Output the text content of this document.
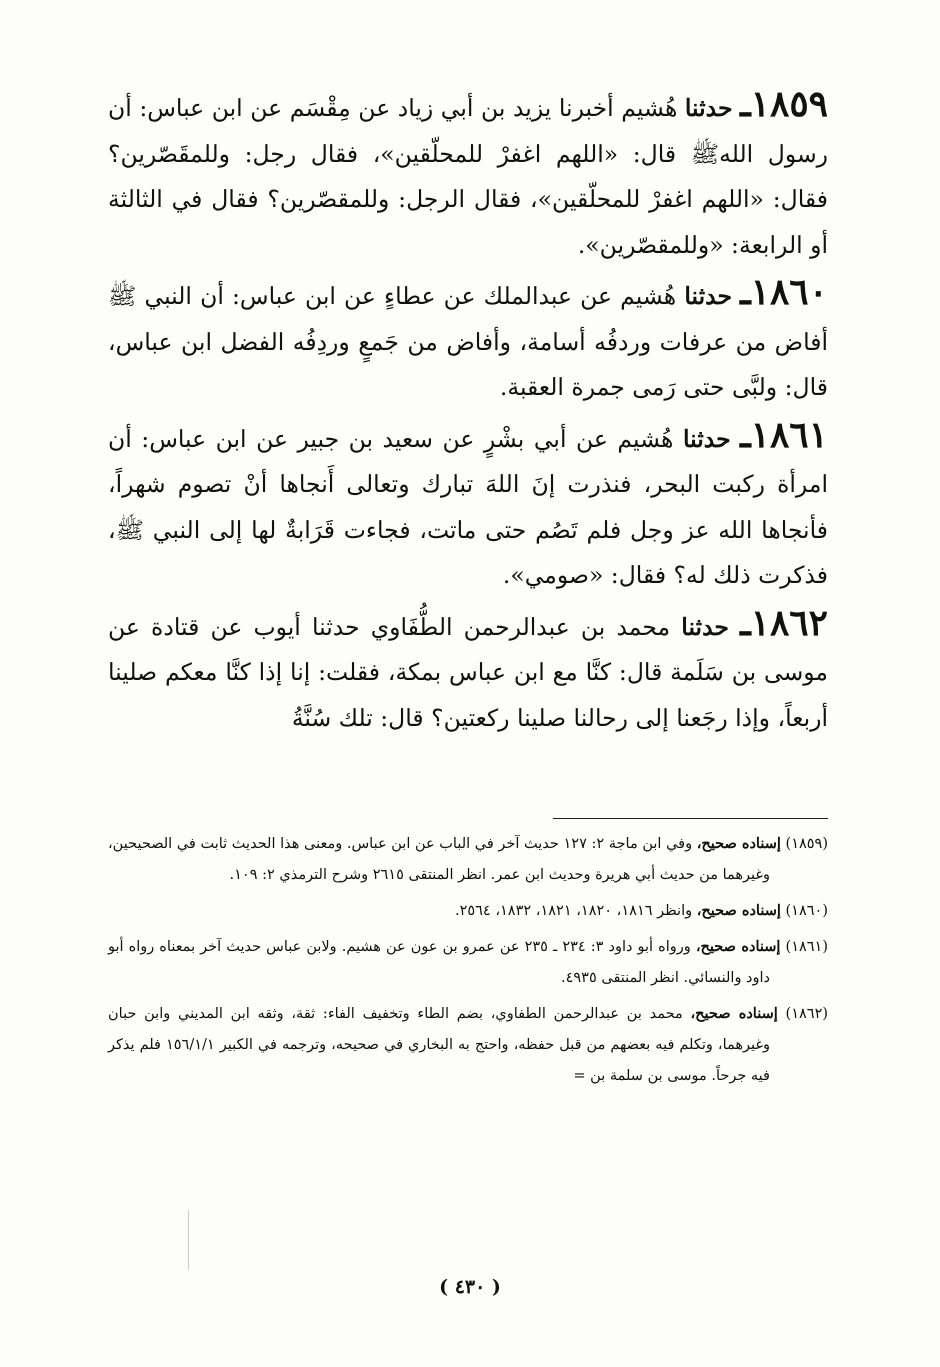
١٨٥٩ـ حدثنا هُشيم أخبرنا يزيد بن أبي زياد عن مِقْسَم عن ابن عباس: أن رسول اللهﷺ قال: «اللهم اغفرْ للمحلّقين»، فقال رجل: وللمقَصّرين؟ فقال: «اللهم اغفرْ للمحلّقين»، فقال الرجل: وللمقصّرين؟ فقال في الثالثة أو الرابعة: «وللمقصّرين».

١٨٦٠ـ حدثنا هُشيم عن عبدالملك عن عطاءٍ عن ابن عباس: أن النبي ﷺ أفاض من عرفات وردفُه أسامة، وأفاض من جَمعٍ وردِفُه الفضل ابن عباس، قال: ولبَّى حتى رَمى جمرة العقبة.

١٨٦١ـ حدثنا هُشيم عن أبي بشْرٍ عن سعيد بن جبير عن ابن عباس: أن امرأة ركبت البحر، فنذرت إنَ اللهَ تبارك وتعالى أَنجاها أنْ تصوم شهراً، فأنجاها الله عز وجل فلم تَصُم حتى ماتت، فجاءت قَرَابةٌ لها إلى النبي ﷺ، فذكرت ذلك له؟ فقال: «صومي».

١٨٦٢ـ حدثنا محمد بن عبدالرحمن الطُّفَاوي حدثنا أيوب عن قتادة عن موسى بن سَلَمة قال: كنَّا مع ابن عباس بمكة، فقلت: إنا إذا كنَّا معكم صلينا أربعاً، وإذا رجَعنا إلى رحالنا صلينا ركعتين؟ قال: تلك سُنَّةُ

(١٨٥٩) إسناده صحيح، وفي ابن ماجة ٢: ١٢٧ حديث آخر في الباب عن ابن عباس. ومعنى هذا الحديث ثابت في الصحيحين، وغيرهما من حديث أبي هريرة وحديث ابن عمر. انظر المنتقى ٢٦١٥ وشرح الترمذي ٢: ١٠٩.

(١٨٦٠) إسناده صحيح، وانظر ١٨١٦، ١٨٢٠، ١٨٢١، ١٨٣٢، ٢٥٦٤.

(١٨٦١) إسناده صحيح، ورواه أبو داود ٣: ٢٣٤ ـ ٢٣٥ عن عمرو بن عون عن هشيم. ولابن عباس حديث آخر بمعناه رواه أبو داود والنسائي. انظر المنتقى ٤٩٣٥.

(١٨٦٢) إسناده صحيح، محمد بن عبدالرحمن الطفاوي، بضم الطاء وتخفيف الفاء: ثقة، وثقه ابن المديني وابن حبان وغيرهما، وتكلم فيه بعضهم من قبل حفظه، واحتج به البخاري في صحيحه، وترجمه في الكبير ١٥٦/١/١ فلم يذكر فيه جرحاً. موسى بن سلمة بن =

( ٤٣٠ )
